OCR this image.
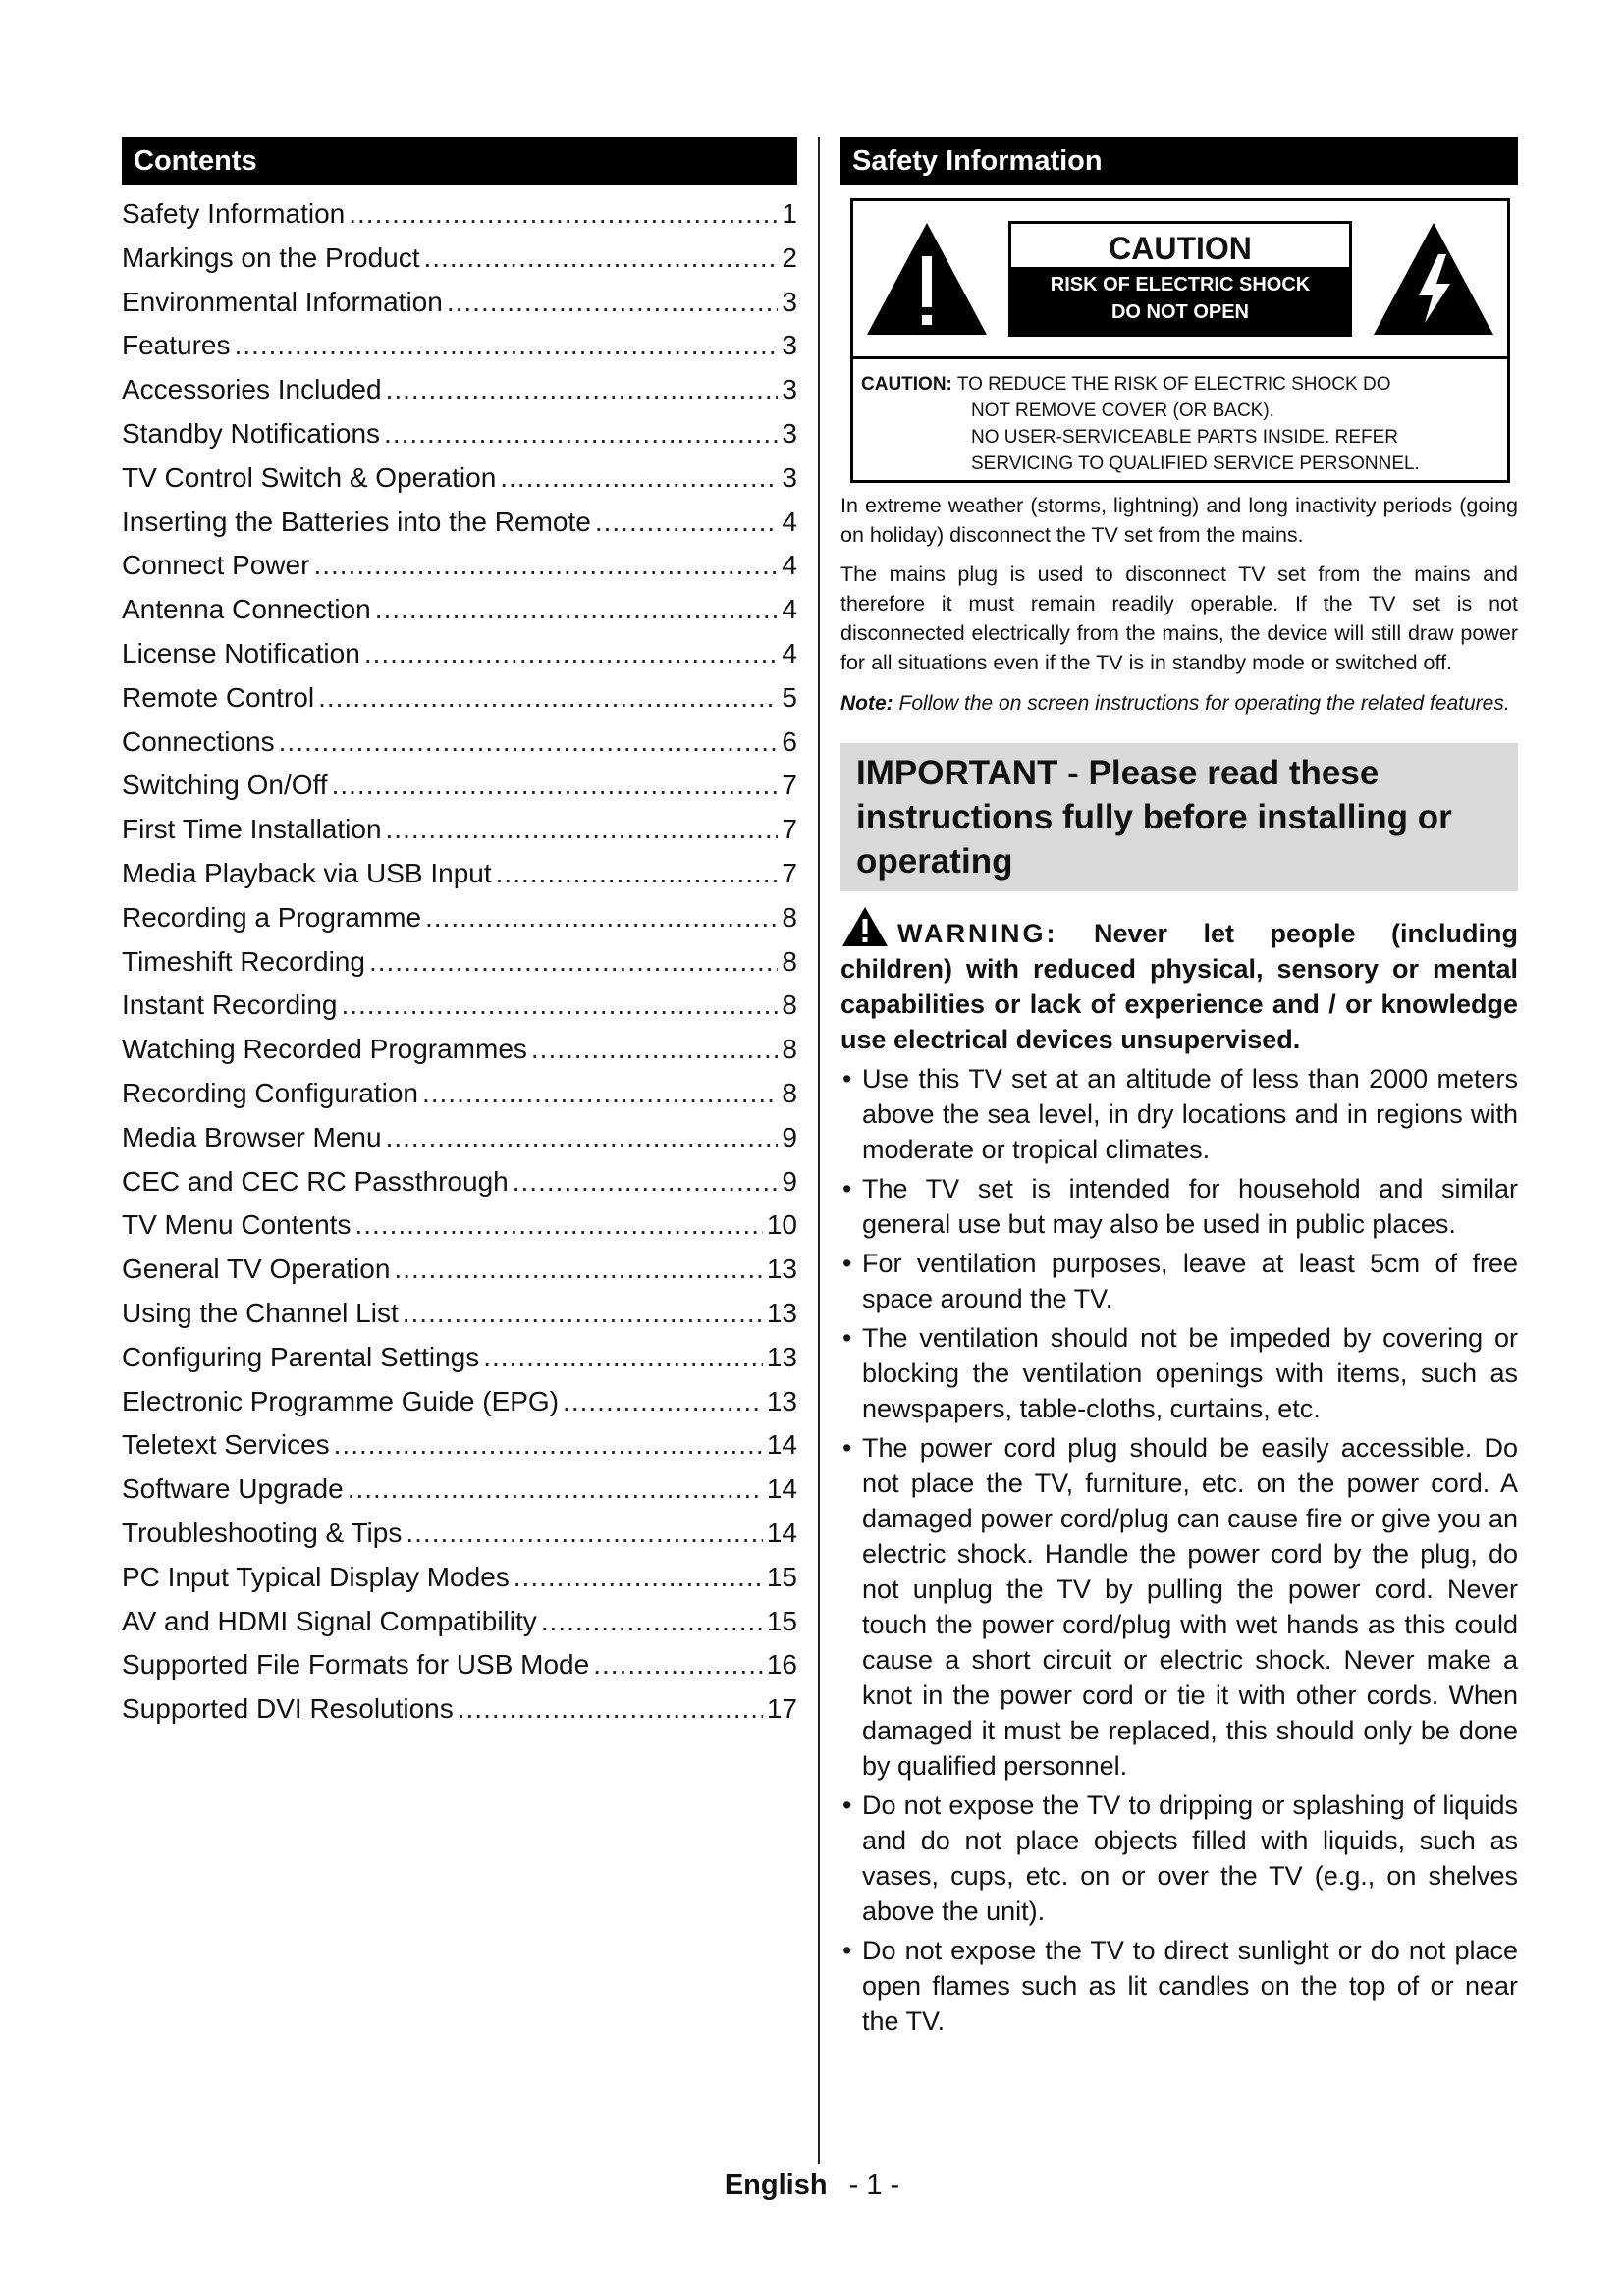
Contents
Safety Information .....	1
Markings on the Product .....	2
Environmental Information .....	3
Features .....	3
Accessories Included .....	3
Standby Notifications .....	3
TV Control Switch & Operation .....	3
Inserting the Batteries into the Remote .....	4
Connect Power .....	4
Antenna Connection .....	4
License Notification .....	4
Remote Control .....	5
Connections .....	6
Switching On/Off .....	7
First Time Installation .....	7
Media Playback via USB Input .....	7
Recording a Programme .....	8
Timeshift Recording .....	8
Instant Recording .....	8
Watching Recorded Programmes .....	8
Recording Configuration .....	8
Media Browser Menu .....	9
CEC and CEC RC Passthrough .....	9
TV Menu Contents .....	10
General TV Operation .....	13
Using the Channel List .....	13
Configuring Parental Settings .....	13
Electronic Programme Guide (EPG) .....	13
Teletext Services .....	14
Software Upgrade .....	14
Troubleshooting & Tips .....	14
PC Input Typical Display Modes .....	15
AV and HDMI Signal Compatibility .....	15
Supported File Formats for USB Mode .....	16
Supported DVI Resolutions .....	17
Safety Information
CAUTION
RISK OF ELECTRIC SHOCK
DO NOT OPEN
CAUTION: TO REDUCE THE RISK OF ELECTRIC SHOCK DO
NOT REMOVE COVER (OR BACK).
NO USER-SERVICEABLE PARTS INSIDE. REFER
SERVICING TO QUALIFIED SERVICE PERSONNEL.
In extreme weather (storms, lightning) and long inactivity periods (going on holiday) disconnect the TV set from the mains.
The mains plug is used to disconnect TV set from the mains and therefore it must remain readily operable. If the TV set is not disconnected electrically from the mains, the device will still draw power for all situations even if the TV is in standby mode or switched off.
Note: Follow the on screen instructions for operating the related features.
IMPORTANT - Please read these instructions fully before installing or operating
WARNING: Never let people (including children) with reduced physical, sensory or mental capabilities or lack of experience and / or knowledge use electrical devices unsupervised.
• Use this TV set at an altitude of less than 2000 meters above the sea level, in dry locations and in regions with moderate or tropical climates.
• The TV set is intended for household and similar general use but may also be used in public places.
• For ventilation purposes, leave at least 5cm of free space around the TV.
• The ventilation should not be impeded by covering or blocking the ventilation openings with items, such as newspapers, table-cloths, curtains, etc.
• The power cord plug should be easily accessible. Do not place the TV, furniture, etc. on the power cord. A damaged power cord/plug can cause fire or give you an electric shock. Handle the power cord by the plug, do not unplug the TV by pulling the power cord. Never touch the power cord/plug with wet hands as this could cause a short circuit or electric shock. Never make a knot in the power cord or tie it with other cords. When damaged it must be replaced, this should only be done by qualified personnel.
• Do not expose the TV to dripping or splashing of liquids and do not place objects filled with liquids, such as vases, cups, etc. on or over the TV (e.g., on shelves above the unit).
• Do not expose the TV to direct sunlight or do not place open flames such as lit candles on the top of or near the TV.
English - 1 -
